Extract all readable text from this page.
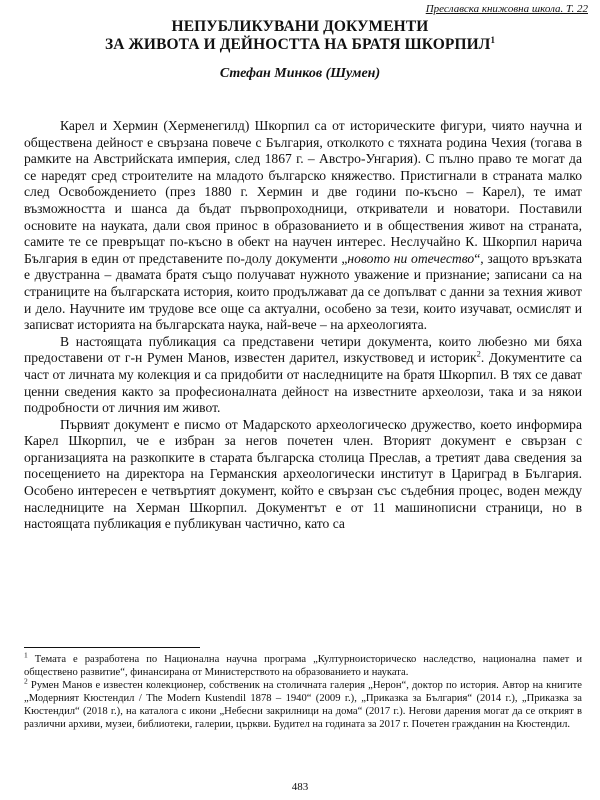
Преславска книжовна школа. Т. 22
НЕПУБЛИКУВАНИ ДОКУМЕНТИ
ЗА ЖИВОТА И ДЕЙНОСТТА НА БРАТЯ ШКОРПИЛ$^1$
Стефан Минков (Шумен)

Карел и Хермин (Херменегилд) Шкорпил са от историческите фигури, чиято научна и обществена дейност е свързана повече с България, отколкото с тяхната родина Чехия (тогава в рамките на Австрийската империя, след 1867 г. – Австро-Унгария). С пълно право те могат да се наредят сред строителите на младото българско княжество. Пристигнали в страната малко след Освобождението (през 1880 г. Хермин и две години по-късно – Карел), те имат възможността и шанса да бъдат първопроходници, откриватели и новатори. Поставили основите на науката, дали своя принос в образованието и в обществения живот на страната, самите те се превръщат по-късно в обект на научен интерес. Неслучайно К. Шкорпил нарича България в един от представените по-долу документи „новото ни отечество“, защото връзката е двустранна – двамата братя също получават нужното уважение и признание; записани са на страниците на българската история, които продължават да се допълват с данни за техния живот и дело. Научните им трудове все още са актуални, особено за тези, които изучават, осмислят и записват историята на българската наука, най-вече – на археологията.

В настоящата публикация са представени четири документа, които любезно ми бяха предоставени от г-н Румен Манов, известен дарител, изкуствовед и историк$^2$. Документите са част от личната му колекция и са придобити от наследниците на братя Шкорпил. В тях се дават ценни сведения както за професионалната дейност на известните археолози, така и за някои подробности от личния им живот.

Първият документ е писмо от Мадарското археологическо дружество, което информира Карел Шкорпил, че е избран за негов почетен член. Вторият документ е свързан с организацията на разкопките в старата българска столица Преслав, а третият дава сведения за посещението на директора на Германския археологически институт в Цариград в България. Особено интересен е четвъртият документ, който е свързан със съдебния процес, воден между наследниците на Херман Шкорпил. Документът е от 11 машинописни страници, но в настоящата публикация е публикуван частично, като са

$^1$ Темата е разработена по Национална научна програма „Културноисторическо наследство, национална памет и обществено развитие“, финансирана от Министерството на образованието и науката.

$^2$ Румен Манов е известен колекционер, собственик на столичната галерия „Нерон“, доктор по история. Автор на книгите „Модерният Кюстендил / The Modern Kustendil 1878 – 1940“ (2009 г.), „Приказка за България“ (2014 г.), „Приказка за Кюстендил“ (2018 г.), на каталога с икони „Небесни закрилници на дома“ (2017 г.). Негови дарения могат да се открият в различни архиви, музеи, библиотеки, галерии, църкви. Будител на годината за 2017 г. Почетен гражданин на Кюстендил.

483
